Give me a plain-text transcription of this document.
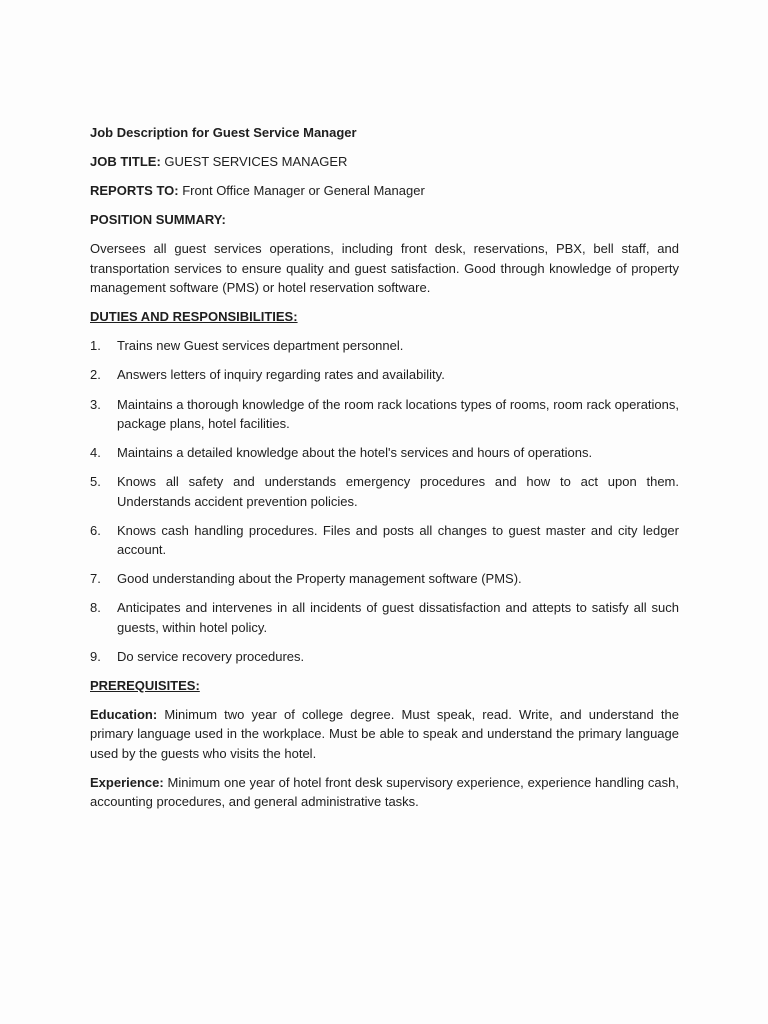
Job Description for Guest Service Manager

JOB TITLE: GUEST SERVICES MANAGER

REPORTS TO: Front Office Manager or General Manager

POSITION SUMMARY:

Oversees all guest services operations, including front desk, reservations, PBX, bell staff, and transportation services to ensure quality and guest satisfaction. Good through knowledge of property management software (PMS) or hotel reservation software.

DUTIES AND RESPONSIBILITIES:

1. Trains new Guest services department personnel.
2. Answers letters of inquiry regarding rates and availability.
3. Maintains a thorough knowledge of the room rack locations types of rooms, room rack operations, package plans, hotel facilities.
4. Maintains a detailed knowledge about the hotel's services and hours of operations.
5. Knows all safety and understands emergency procedures and how to act upon them. Understands accident prevention policies.
6. Knows cash handling procedures. Files and posts all changes to guest master and city ledger account.
7. Good understanding about the Property management software (PMS).
8. Anticipates and intervenes in all incidents of guest dissatisfaction and attepts to satisfy all such guests, within hotel policy.
9. Do service recovery procedures.

PREREQUISITES:

Education: Minimum two year of college degree. Must speak, read. Write, and understand the primary language used in the workplace. Must be able to speak and understand the primary language used by the guests who visits the hotel.

Experience: Minimum one year of hotel front desk supervisory experience, experience handling cash, accounting procedures, and general administrative tasks.
